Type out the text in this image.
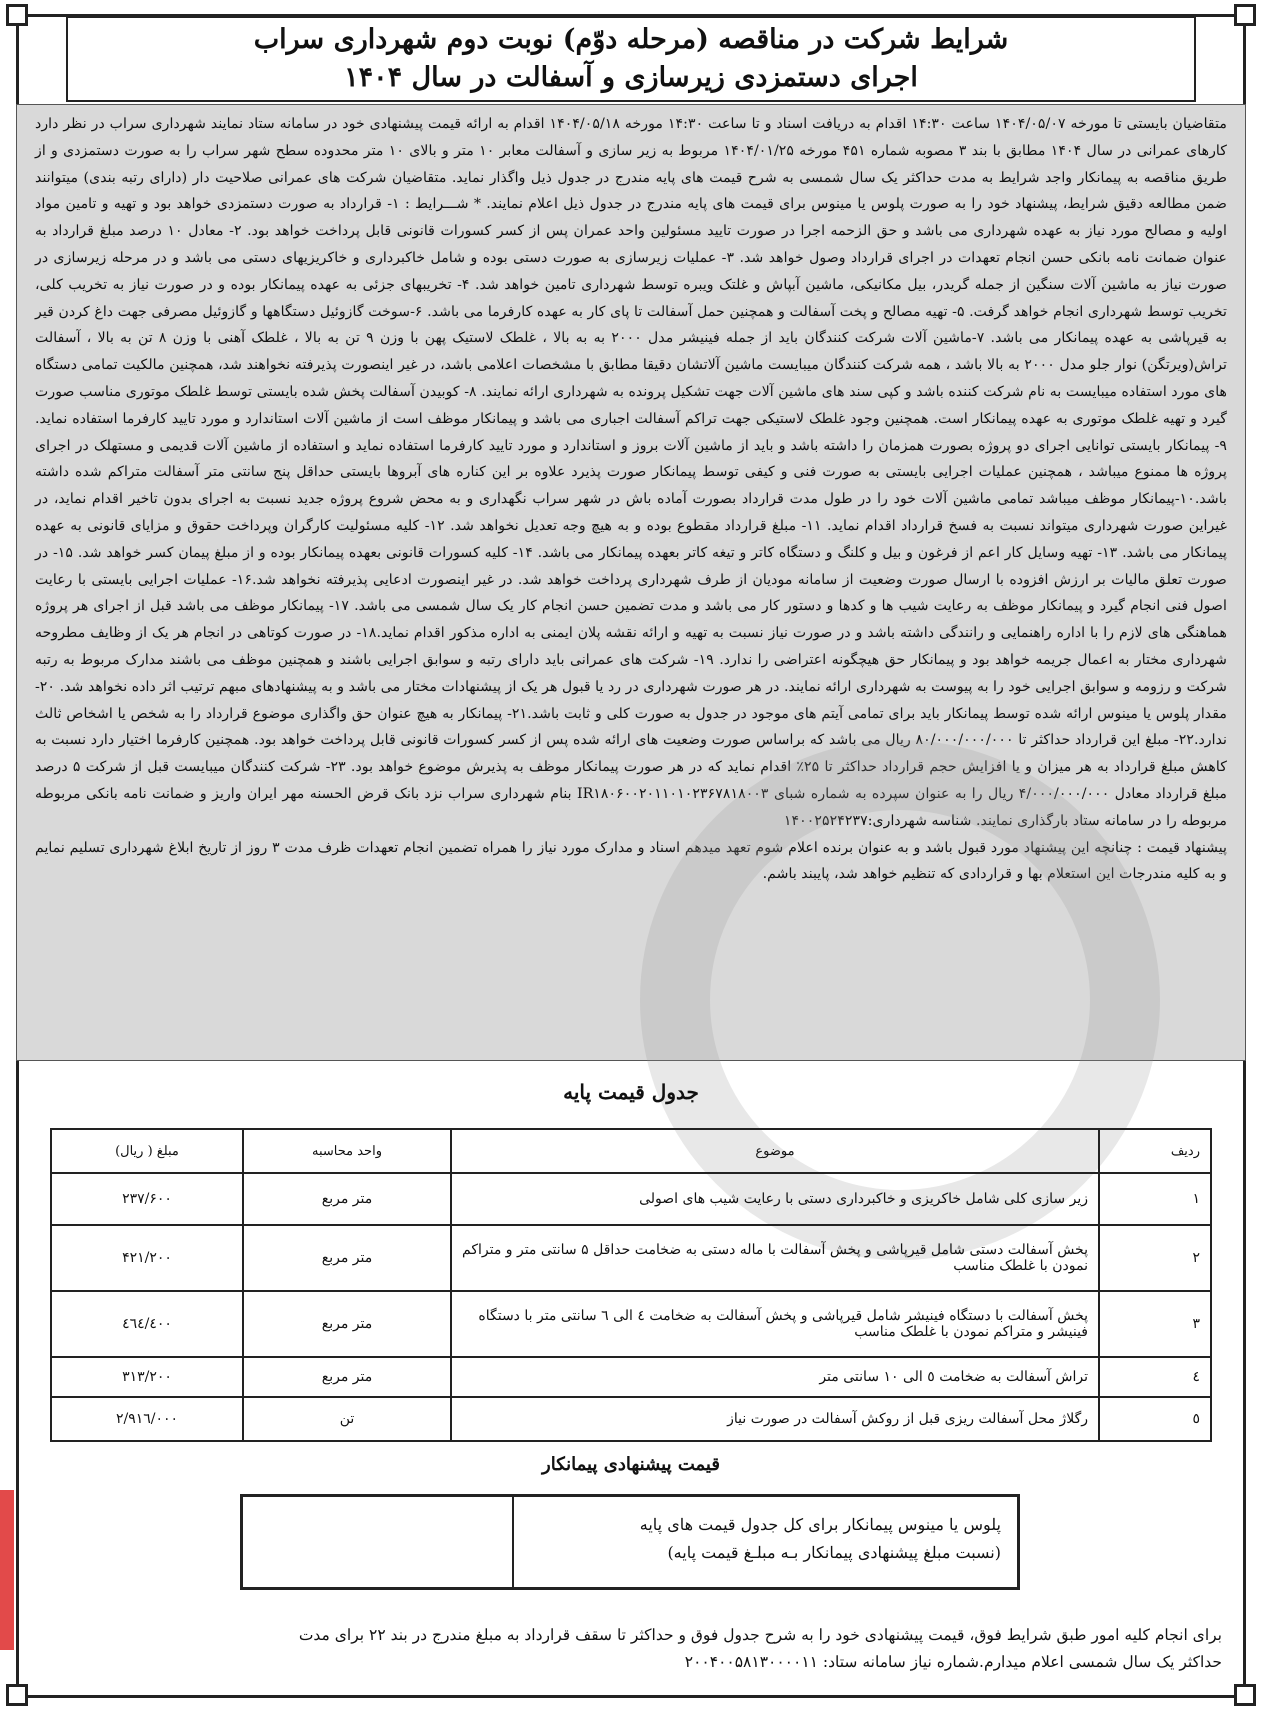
شرایط شرکت در مناقصه (مرحله دوّم) نوبت دوم شهرداری سراب
اجرای دستمزدی زیرسازی و آسفالت در سال ۱۴۰۴

متقاضیان بایستی تا مورخه ۱۴۰۴/۰۵/۰۷ ساعت ۱۴:۳۰ اقدام به دریافت اسناد و تا ساعت ۱۴:۳۰ مورخه ۱۴۰۴/۰۵/۱۸ اقدام به ارائه قیمت پیشنهادی خود در سامانه ستاد نمایند شهرداری سراب در نظر دارد کارهای عمرانی در سال ۱۴۰۴ مطابق با بند ۳ مصوبه شماره ۴۵۱ مورخه ۱۴۰۴/۰۱/۲۵ مربوط به زیر سازی و آسفالت معابر ۱۰ متر و بالای ۱۰ متر محدوده سطح شهر سراب را به صورت دستمزدی و از طریق مناقصه به پیمانکار واجد شرایط به مدت حداکثر یک سال شمسی به شرح قیمت های پایه مندرج در جدول ذیل واگذار نماید. متقاضیان شرکت های عمرانی صلاحیت دار (دارای رتبه بندی) میتوانند ضمن مطالعه دقیق شرایط، پیشنهاد خود را به صورت پلوس یا مینوس برای قیمت های پایه مندرج در جدول ذیل اعلام نمایند. * شـــرایط : ۱- قرارداد به صورت دستمزدی خواهد بود و تهیه و تامین مواد اولیه و مصالح مورد نیاز به عهده شهرداری می باشد و حق الزحمه اجرا در صورت تایید مسئولین واحد عمران پس از کسر کسورات قانونی قابل پرداخت خواهد بود. ۲- معادل ۱۰ درصد مبلغ قرارداد به عنوان ضمانت نامه بانکی حسن انجام تعهدات در اجرای قرارداد وصول خواهد شد. ۳- عملیات زیرسازی به صورت دستی بوده و شامل خاکبرداری و خاکریزیهای دستی می باشد و در مرحله زیرسازی در صورت نیاز به ماشین آلات سنگین از جمله گریدر، بیل مکانیکی، ماشین آبپاش و غلتک ویبره توسط شهرداری تامین خواهد شد. ۴- تخریبهای جزئی به عهده پیمانکار بوده و در صورت نیاز به تخریب کلی، تخریب توسط شهرداری انجام خواهد گرفت. ۵- تهیه مصالح و پخت آسفالت و همچنین حمل آسفالت تا پای کار به عهده کارفرما می باشد. ۶-سوخت گازوئیل دستگاهها و گازوئیل مصرفی جهت داغ کردن قیر به قیرپاشی به عهده پیمانکار می باشد. ۷-ماشین آلات شرکت کنندگان باید از جمله فینیشر مدل ۲۰۰۰ به به بالا ، غلطک لاستیک پهن با وزن ۹ تن به بالا ، غلطک آهنی با وزن ۸ تن به بالا ، آسفالت تراش(ویرتگن) نوار جلو مدل ۲۰۰۰ به بالا باشد ، همه شرکت کنندگان میبایست ماشین آلاتشان دقیقا مطابق با مشخصات اعلامی باشد، در غیر اینصورت پذیرفته نخواهند شد، همچنین مالکیت تمامی دستگاه های مورد استفاده میبایست به نام شرکت کننده باشد و کپی سند های ماشین آلات جهت تشکیل پرونده به شهرداری ارائه نمایند. ۸- کوبیدن آسفالت پخش شده بایستی توسط غلطک موتوری مناسب صورت گیرد و تهیه غلطک موتوری به عهده پیمانکار است. همچنین وجود غلطک لاستیکی جهت تراکم آسفالت اجباری می باشد و پیمانکار موظف است از ماشین آلات استاندارد و مورد تایید کارفرما استفاده نماید. ۹- پیمانکار بایستی توانایی اجرای دو پروژه بصورت همزمان را داشته باشد و باید از ماشین آلات بروز و استاندارد و مورد تایید کارفرما استفاده نماید و استفاده از ماشین آلات قدیمی و مستهلک در اجرای پروژه ها ممنوع میباشد ، همچنین عملیات اجرایی بایستی به صورت فنی و کیفی توسط پیمانکار صورت پذیرد علاوه بر این کناره های آبروها بایستی حداقل پنج سانتی متر آسفالت متراکم شده داشته باشد.۱۰-پیمانکار موظف میباشد تمامی ماشین آلات خود را در طول مدت قرارداد بصورت آماده باش در شهر سراب نگهداری و به محض شروع پروژه جدید نسبت به اجرای بدون تاخیر اقدام نماید، در غیراین صورت شهرداری میتواند نسبت به فسخ قرارداد اقدام نماید. ۱۱- مبلغ قرارداد مقطوع بوده و به هیچ وجه تعدیل نخواهد شد. ۱۲- کلیه مسئولیت کارگران وپرداخت حقوق و مزایای قانونی به عهده پیمانکار می باشد. ۱۳- تهیه وسایل کار اعم از فرغون و بیل و کلنگ و دستگاه کاتر و تیغه کاتر بعهده پیمانکار می باشد. ۱۴- کلیه کسورات قانونی بعهده پیمانکار بوده و از مبلغ پیمان کسر خواهد شد. ۱۵- در صورت تعلق مالیات بر ارزش افزوده با ارسال صورت وضعیت از سامانه مودیان از طرف شهرداری پرداخت خواهد شد. در غیر اینصورت ادعایی پذیرفته نخواهد شد.۱۶- عملیات اجرایی بایستی با رعایت اصول فنی انجام گیرد و پیمانکار موظف به رعایت شیب ها و کدها و دستور کار می باشد و مدت تضمین حسن انجام کار یک سال شمسی می باشد. ۱۷- پیمانکار موظف می باشد قبل از اجرای هر پروژه هماهنگی های لازم را با اداره راهنمایی و رانندگی داشته باشد و در صورت نیاز نسبت به تهیه و ارائه نقشه پلان ایمنی به اداره مذکور اقدام نماید.۱۸- در صورت کوتاهی در انجام هر یک از وظایف مطروحه شهرداری مختار به اعمال جریمه خواهد بود و پیمانکار حق هیچگونه اعتراضی را ندارد. ۱۹- شرکت های عمرانی باید دارای رتبه و سوابق اجرایی باشند و همچنین موظف می باشند مدارک مربوط به رتبه شرکت و رزومه و سوابق اجرایی خود را به پیوست به شهرداری ارائه نمایند. در هر صورت شهرداری در رد یا قبول هر یک از پیشنهادات مختار می باشد و به پیشنهادهای مبهم ترتیب اثر داده نخواهد شد. ۲۰- مقدار پلوس یا مینوس ارائه شده توسط پیمانکار باید برای تمامی آیتم های موجود در جدول به صورت کلی و ثابت باشد.۲۱- پیمانکار به هیچ عنوان حق واگذاری موضوع قرارداد را به شخص یا اشخاص ثالث ندارد.۲۲- مبلغ این قرارداد حداکثر تا ۸۰/۰۰۰/۰۰۰/۰۰۰ ریال می باشد که براساس صورت وضعیت های ارائه شده پس از کسر کسورات قانونی قابل پرداخت خواهد بود. همچنین کارفرما اختیار دارد نسبت به کاهش مبلغ قرارداد به هر میزان و یا افزایش حجم قرارداد حداکثر تا ۲۵٪ اقدام نماید که در هر صورت پیمانکار موظف به پذیرش موضوع خواهد بود. ۲۳- شرکت کنندگان میبایست قبل از شرکت ۵ درصد مبلغ قرارداد معادل ۴/۰۰۰/۰۰۰/۰۰۰ ریال را به عنوان سپرده به شماره شبای IR۱۸۰۶۰۰۲۰۱۱۰۱۰۲۳۶۷۸۱۸۰۰۳ بنام شهرداری سراب نزد بانک قرض الحسنه مهر ایران واریز و ضمانت نامه بانکی مربوطه مربوطه را در سامانه ستاد بارگذاری نمایند. شناسه شهرداری:۱۴۰۰۲۵۲۴۲۳۷

پیشنهاد قیمت : چنانچه این پیشنهاد مورد قبول باشد و به عنوان برنده اعلام شوم تعهد میدهم اسناد و مدارک مورد نیاز را همراه تضمین انجام تعهدات ظرف مدت ۳ روز از تاریخ ابلاغ شهرداری تسلیم نمایم و به کلیه مندرجات این استعلام بها و قراردادی که تنظیم خواهد شد، پایبند باشم.

جدول قیمت پایه
ردیف	موضوع	واحد محاسبه	مبلغ ( ریال)
۱	زیر سازی کلی شامل خاکریزی و خاکبرداری دستی با رعایت شیب های اصولی	متر مربع	۲۳۷/۶۰۰
۲	پخش آسفالت دستی شامل قیرپاشی و پخش آسفالت با ماله دستی به ضخامت حداقل ۵ سانتی متر و متراکم نمودن با غلطک مناسب	متر مربع	۴۲۱/۲۰۰
۳	پخش آسفالت با دستگاه فینیشر شامل قیرپاشی و پخش آسفالت به ضخامت ٤ الی ٦ سانتی متر با دستگاه فینیشر و متراکم نمودن با غلطک مناسب	متر مربع	٤٦٤/٤٠٠
٤	تراش آسفالت به ضخامت ٥ الی ١٠ سانتی متر	متر مربع	٣١٣/٢٠٠
٥	رگلاژ محل آسفالت ریزی قبل از روکش آسفالت در صورت نیاز	تن	٢/٩١٦/٠٠٠
قیمت پیشنهادی پیمانکار
پلوس یا مینوس پیمانکار برای کل جدول قیمت های پایه
(نسبت مبلغ پیشنهادی پیمانکار بـه مبلـغ قیمت پایه)
برای انجام کلیه امور طبق شرایط فوق، قیمت پیشنهادی خود را به شرح جدول فوق و حداکثر تا سقف قرارداد به مبلغ مندرج در بند ۲۲ برای مدت
حداکثر یک سال شمسی اعلام میدارم.شماره نیاز سامانه ستاد: ۲۰۰۴۰۰۵۸۱۳۰۰۰۰۱۱
